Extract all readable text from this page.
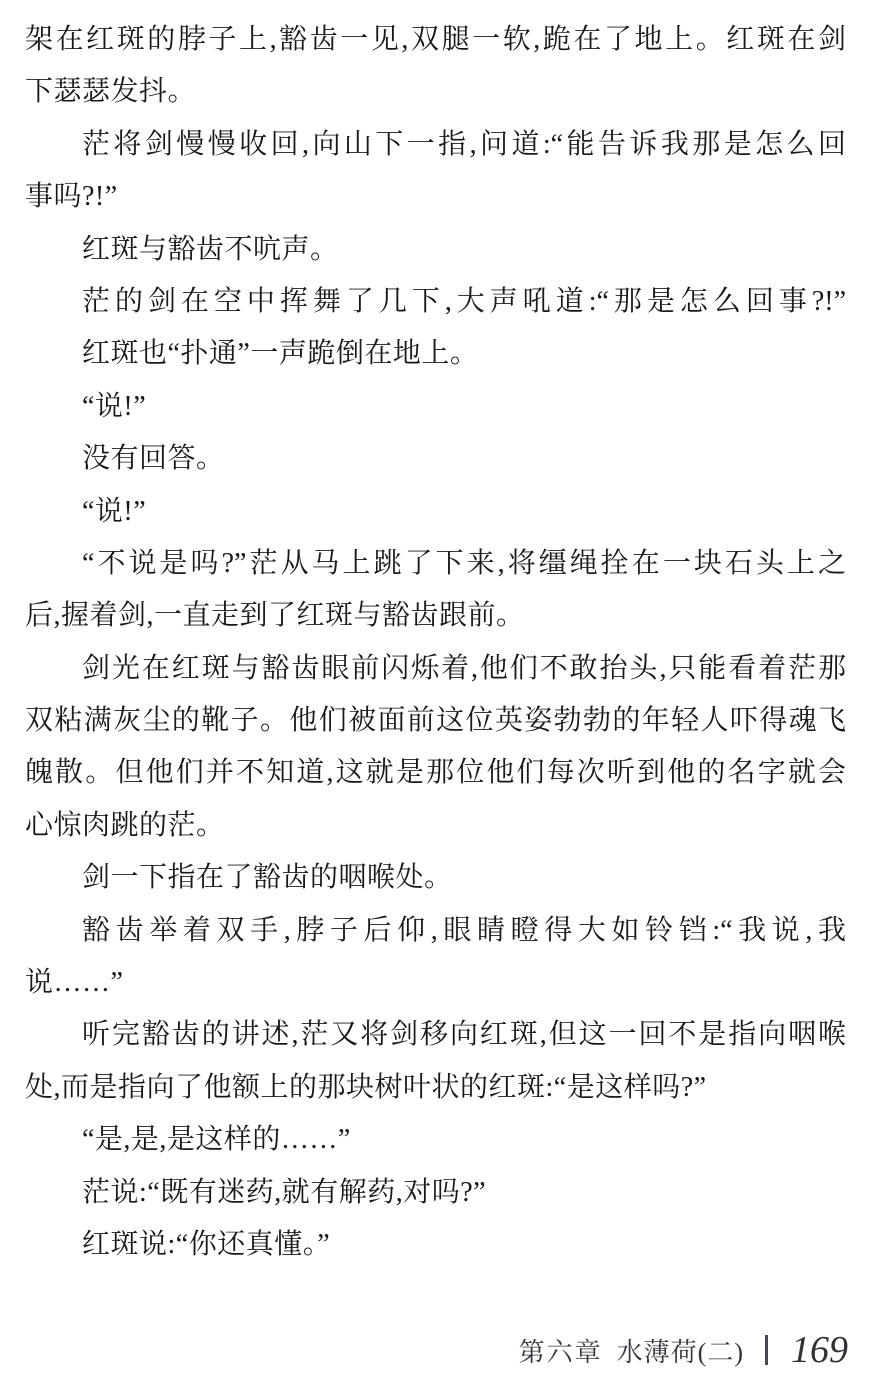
架在红斑的脖子上,豁齿一见,双腿一软,跪在了地上。红斑在剑
下瑟瑟发抖。
茫将剑慢慢收回,向山下一指,问道:“能告诉我那是怎么回
事吗?!”
红斑与豁齿不吭声。
茫的剑在空中挥舞了几下,大声吼道:“那是怎么回事?!”
红斑也“扑通”一声跪倒在地上。
“说!”
没有回答。
“说!”
“不说是吗?”茫从马上跳了下来,将缰绳拴在一块石头上之
后,握着剑,一直走到了红斑与豁齿跟前。
剑光在红斑与豁齿眼前闪烁着,他们不敢抬头,只能看着茫那
双粘满灰尘的靴子。他们被面前这位英姿勃勃的年轻人吓得魂飞
魄散。但他们并不知道,这就是那位他们每次听到他的名字就会
心惊肉跳的茫。
剑一下指在了豁齿的咽喉处。
豁齿举着双手,脖子后仰,眼睛瞪得大如铃铛:“我说,我
说……”
听完豁齿的讲述,茫又将剑移向红斑,但这一回不是指向咽喉
处,而是指向了他额上的那块树叶状的红斑:“是这样吗?”
“是,是,是这样的……”
茫说:“既有迷药,就有解药,对吗?”
红斑说:“你还真懂。”
第六章 水薄荷(二) 169
